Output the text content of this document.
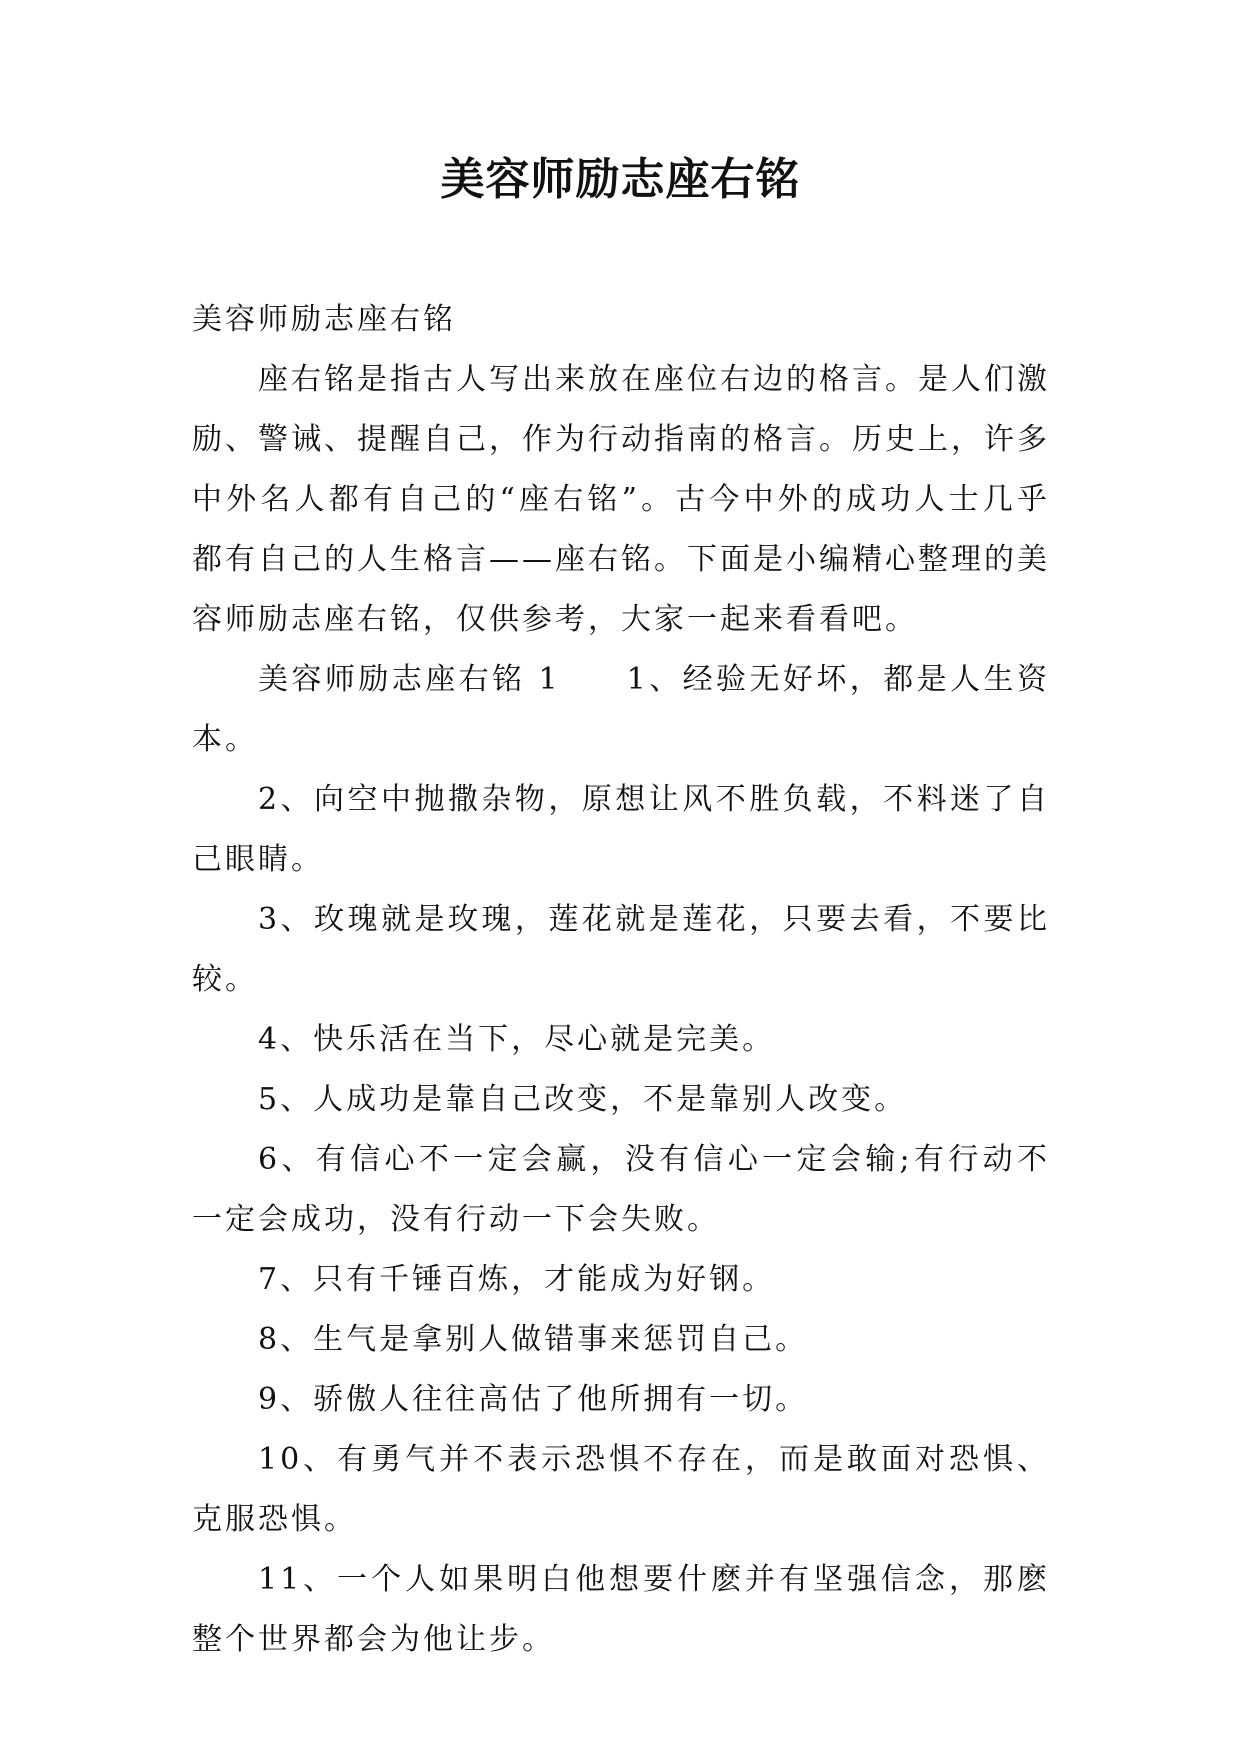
美容师励志座右铭

美容师励志座右铭

座右铭是指古人写出来放在座位右边的格言。是人们激励、警诫、提醒自己，作为行动指南的格言。历史上，许多中外名人都有自己的“座右铭”。古今中外的成功人士几乎都有自己的人生格言——座右铭。下面是小编精心整理的美容师励志座右铭，仅供参考，大家一起来看看吧。

美容师励志座右铭 1 1、经验无好坏，都是人生资本。

2、向空中抛撒杂物，原想让风不胜负载，不料迷了自己眼睛。

3、玫瑰就是玫瑰，莲花就是莲花，只要去看，不要比较。

4、快乐活在当下，尽心就是完美。

5、人成功是靠自己改变，不是靠别人改变。

6、有信心不一定会赢，没有信心一定会输;有行动不一定会成功，没有行动一下会失败。

7、只有千锤百炼，才能成为好钢。

8、生气是拿别人做错事来惩罚自己。

9、骄傲人往往高估了他所拥有一切。

10、有勇气并不表示恐惧不存在，而是敢面对恐惧、克服恐惧。

11、一个人如果明白他想要什麽并有坚强信念，那麽整个世界都会为他让步。
